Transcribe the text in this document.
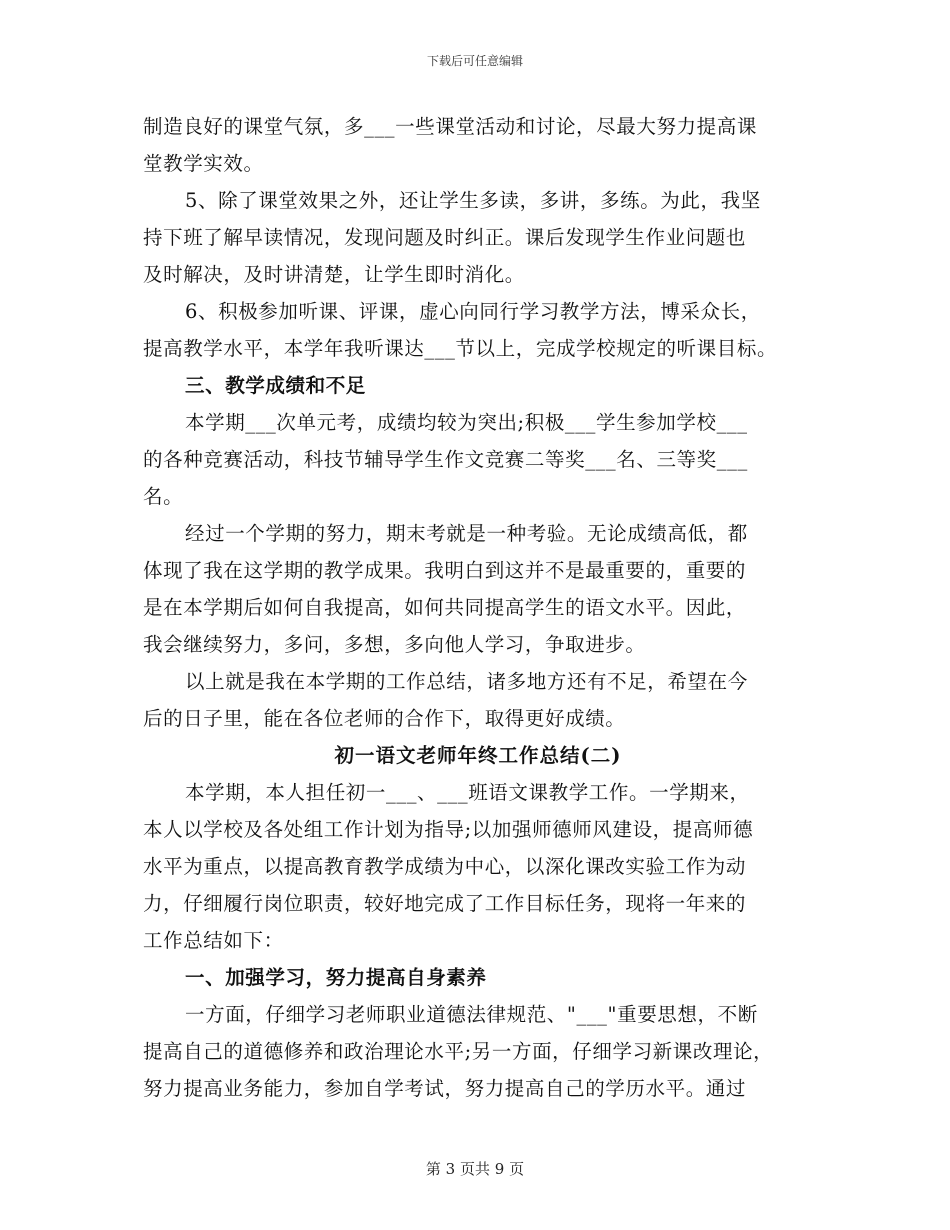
下载后可任意编辑
制造良好的课堂气氛，多___一些课堂活动和讨论，尽最大努力提高课
堂教学实效。
5、除了课堂效果之外，还让学生多读，多讲，多练。为此，我坚
持下班了解早读情况，发现问题及时纠正。课后发现学生作业问题也
及时解决，及时讲清楚，让学生即时消化。
6、积极参加听课、评课，虚心向同行学习教学方法，博采众长，
提高教学水平，本学年我听课达___节以上，完成学校规定的听课目标。
三、教学成绩和不足
本学期___次单元考，成绩均较为突出;积极___学生参加学校___
的各种竞赛活动，科技节辅导学生作文竞赛二等奖___名、三等奖___
名。
经过一个学期的努力，期末考就是一种考验。无论成绩高低，都
体现了我在这学期的教学成果。我明白到这并不是最重要的，重要的
是在本学期后如何自我提高，如何共同提高学生的语文水平。因此，
我会继续努力，多问，多想，多向他人学习，争取进步。
以上就是我在本学期的工作总结，诸多地方还有不足，希望在今
后的日子里，能在各位老师的合作下，取得更好成绩。
初一语文老师年终工作总结(二)
本学期，本人担任初一___、___班语文课教学工作。一学期来，
本人以学校及各处组工作计划为指导;以加强师德师风建设，提高师德
水平为重点，以提高教育教学成绩为中心，以深化课改实验工作为动
力，仔细履行岗位职责，较好地完成了工作目标任务，现将一年来的
工作总结如下：
一、加强学习，努力提高自身素养
一方面，仔细学习老师职业道德法律规范、"___"重要思想，不断
提高自己的道德修养和政治理论水平;另一方面，仔细学习新课改理论，
努力提高业务能力，参加自学考试，努力提高自己的学历水平。通过
第 3 页共 9 页
